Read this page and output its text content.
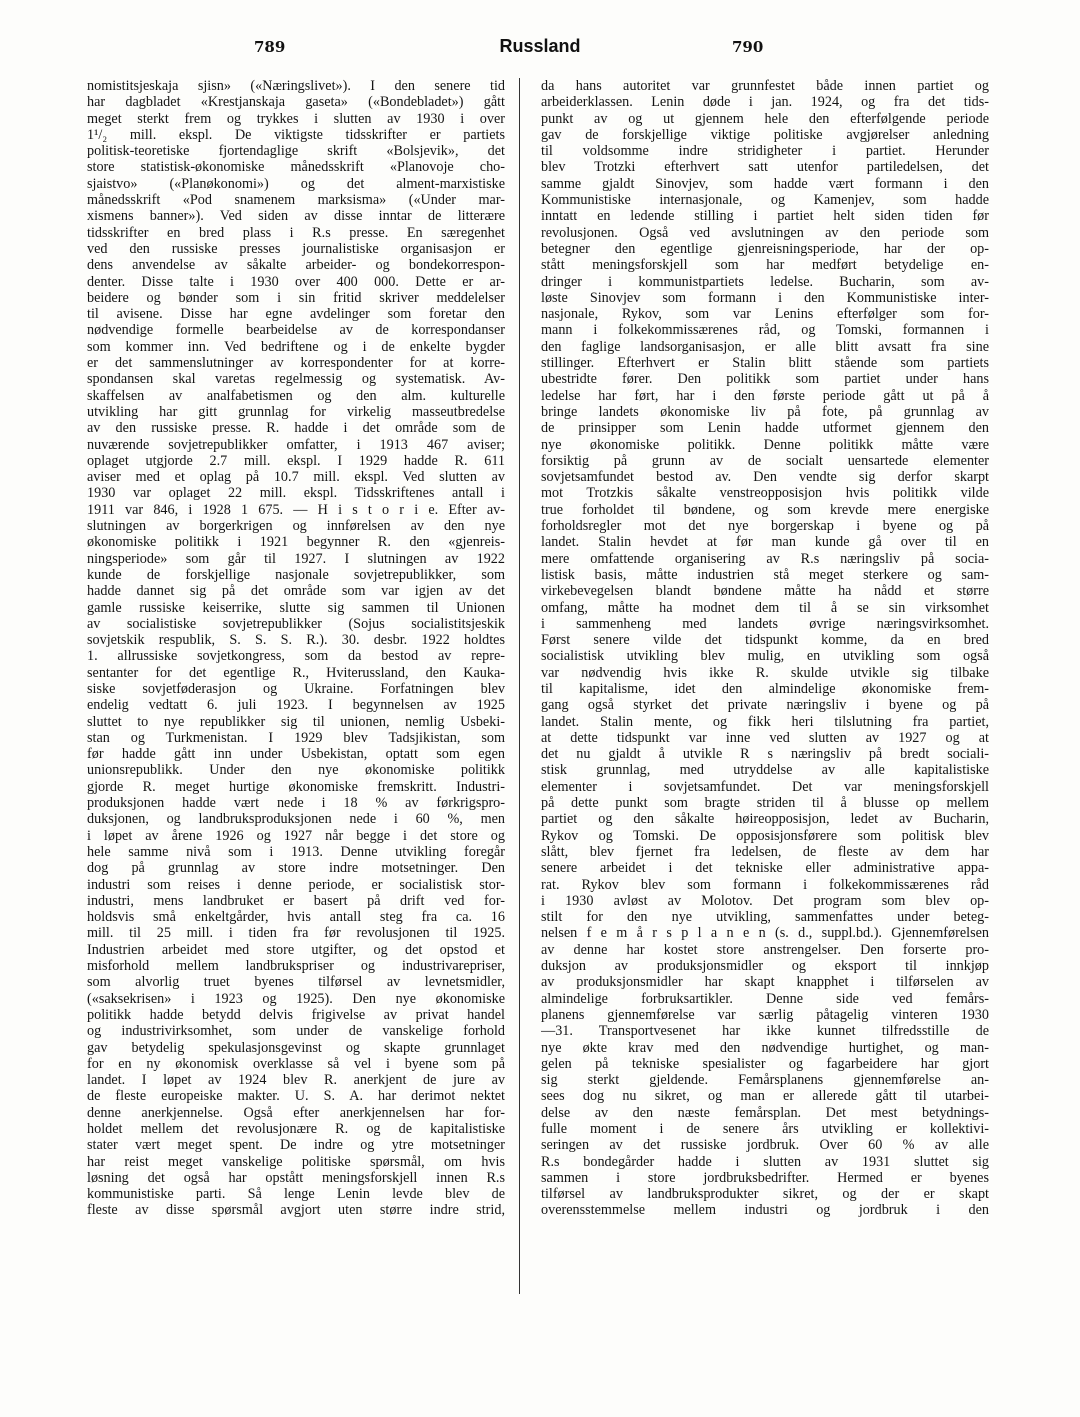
789	Russland	790
nomistitsjeskaja sjisn» («Næringslivet»). I den senere tid
har dagbladet «Krestjanskaja gaseta» («Bondebladet») gått
meget sterkt frem og trykkes i slutten av 1930 i over
1¹/₂ mill. ekspl. De viktigste tidsskrifter er partiets
politisk-teoretiske fjortendaglige skrift «Bolsjevik», det
store statistisk-økonomiske månedsskrift «Planovoje cho-
sjaistvo» («Planøkonomi») og det alment-marxistiske
månedsskrift «Pod snamenem marksisma» («Under mar-
xismens banner»). Ved siden av disse inntar de litterære
tidsskrifter en bred plass i R.s presse. En særegenhet
ved den russiske presses journalistiske organisasjon er
dens anvendelse av såkalte arbeider- og bondekorrespon-
denter. Disse talte i 1930 over 400 000. Dette er ar-
beidere og bønder som i sin fritid skriver meddelelser
til avisene. Disse har egne avdelinger som foretar den
nødvendige formelle bearbeidelse av de korrespondanser
som kommer inn. Ved bedriftene og i de enkelte bygder
er det sammenslutninger av korrespondenter for at korre-
spondansen skal varetas regelmessig og systematisk. Av-
skaffelsen av analfabetismen og den alm. kulturelle
utvikling har gitt grunnlag for virkelig masseutbredelse
av den russiske presse. R. hadde i det område som de
nuværende sovjetrepublikker omfatter, i 1913 467 aviser;
oplaget utgjorde 2.7 mill. ekspl. I 1929 hadde R. 611
aviser med et oplag på 10.7 mill. ekspl. Ved slutten av
1930 var oplaget 22 mill. ekspl. Tidsskriftenes antall i
1911 var 846, i 1928 1 675. — H i s t o r i e. Efter av-
slutningen av borgerkrigen og innførelsen av den nye
økonomiske politikk i 1921 begynner R. den «gjenreis-
ningsperiode» som går til 1927. I slutningen av 1922
kunde de forskjellige nasjonale sovjetrepublikker, som
hadde dannet sig på det område som var igjen av det
gamle russiske keiserrike, slutte sig sammen til Unionen
av socialistiske sovjetrepublikker (Sojus socialistitsjeskik
sovjetskik respublik, S. S. S. R.). 30. desbr. 1922 holdtes
1. allrussiske sovjetkongress, som da bestod av repre-
sentanter for det egentlige R., Hviterussland, den Kauka-
siske sovjetføderasjon og Ukraine. Forfatningen blev
endelig vedtatt 6. juli 1923. I begynnelsen av 1925
sluttet to nye republikker sig til unionen, nemlig Usbeki-
stan og Turkmenistan. I 1929 blev Tadsjikistan, som
før hadde gått inn under Usbekistan, optatt som egen
unionsrepublikk. Under den nye økonomiske politikk
gjorde R. meget hurtige økonomiske fremskritt. Industri-
produksjonen hadde vært nede i 18 % av førkrigspro-
duksjonen, og landbruksproduksjonen nede i 60 %, men
i løpet av årene 1926 og 1927 når begge i det store og
hele samme nivå som i 1913. Denne utvikling foregår
dog på grunnlag av store indre motsetninger. Den
industri som reises i denne periode, er socialistisk stor-
industri, mens landbruket er basert på drift ved for-
holdsvis små enkeltgårder, hvis antall steg fra ca. 16
mill. til 25 mill. i tiden fra før revolusjonen til 1925.
Industrien arbeidet med store utgifter, og det opstod et
misforhold mellem landbrukspriser og industrivarepriser,
som alvorlig truet byenes tilførsel av levnetsmidler,
(«saksekrisen» i 1923 og 1925). Den nye økonomiske
politikk hadde betydd delvis frigivelse av privat handel
og industrivirksomhet, som under de vanskelige forhold
gav betydelig spekulasjonsgevinst og skapte grunnlaget
for en ny økonomisk overklasse så vel i byene som på
landet. I løpet av 1924 blev R. anerkjent de jure av
de fleste europeiske makter. U. S. A. har derimot nektet
denne anerkjennelse. Også efter anerkjennelsen har for-
holdet mellem det revolusjonære R. og de kapitalistiske
stater vært meget spent. De indre og ytre motsetninger
har reist meget vanskelige politiske spørsmål, om hvis
løsning det også har opstått meningsforskjell innen R.s
kommunistiske parti. Så lenge Lenin levde blev de
fleste av disse spørsmål avgjort uten større indre strid,
da hans autoritet var grunnfestet både innen partiet og
arbeiderklassen. Lenin døde i jan. 1924, og fra det tids-
punkt av og ut gjennem hele den efterfølgende periode
gav de forskjellige viktige politiske avgjørelser anledning
til voldsomme indre stridigheter i partiet. Herunder
blev Trotzki efterhvert satt utenfor partiledelsen, det
samme gjaldt Sinovjev, som hadde vært formann i den
Kommunistiske internasjonale, og Kamenjev, som hadde
inntatt en ledende stilling i partiet helt siden tiden før
revolusjonen. Også ved avslutningen av den periode som
betegner den egentlige gjenreisningsperiode, har der op-
stått meningsforskjell som har medført betydelige en-
dringer i kommunistpartiets ledelse. Bucharin, som av-
løste Sinovjev som formann i den Kommunistiske inter-
nasjonale, Rykov, som var Lenins efterfølger som for-
mann i folkekommissærenes råd, og Tomski, formannen i
den faglige landsorganisasjon, er alle blitt avsatt fra sine
stillinger. Efterhvert er Stalin blitt stående som partiets
ubestridte fører. Den politikk som partiet under hans
ledelse har ført, har i den første periode gått ut på å
bringe landets økonomiske liv på fote, på grunnlag av
de prinsipper som Lenin hadde utformet gjennem den
nye økonomiske politikk. Denne politikk måtte være
forsiktig på grunn av de socialt uensartede elementer
sovjetsamfundet bestod av. Den vendte sig derfor skarpt
mot Trotzkis såkalte venstreopposisjon hvis politikk vilde
true forholdet til bøndene, og som krevde mere energiske
forholdsregler mot det nye borgerskap i byene og på
landet. Stalin hevdet at før man kunde gå over til en
mere omfattende organisering av R.s næringsliv på socia-
listisk basis, måtte industrien stå meget sterkere og sam-
virkebevegelsen blandt bøndene måtte ha nådd et større
omfang, måtte ha modnet dem til å se sin virksomhet
i sammenheng med landets øvrige næringsvirksomhet.
Først senere vilde det tidspunkt komme, da en bred
socialistisk utvikling blev mulig, en utvikling som også
var nødvendig hvis ikke R. skulde utvikle sig tilbake
til kapitalisme, idet den almindelige økonomiske frem-
gang også styrket det private næringsliv i byene og på
landet. Stalin mente, og fikk heri tilslutning fra partiet,
at dette tidspunkt var inne ved slutten av 1927 og at
det nu gjaldt å utvikle R s næringsliv på bredt sociali-
stisk grunnlag, med utryddelse av alle kapitalistiske
elementer i sovjetsamfundet. Det var meningsforskjell
på dette punkt som bragte striden til å blusse op mellem
partiet og den såkalte høireopposisjon, ledet av Bucharin,
Rykov og Tomski. De opposisjonsførere som politisk blev
slått, blev fjernet fra ledelsen, de fleste av dem har
senere arbeidet i det tekniske eller administrative appa-
rat. Rykov blev som formann i folkekommissærenes råd
i 1930 avløst av Molotov. Det program som blev op-
stilt for den nye utvikling, sammenfattes under beteg-
nelsen f e m å r s p l a n e n (s. d., suppl.bd.). Gjennemførelsen
av denne har kostet store anstrengelser. Den forserte pro-
duksjon av produksjonsmidler og eksport til innkjøp
av produksjonsmidler har skapt knapphet i tilførselen av
almindelige forbruksartikler. Denne side ved femårs-
planens gjennemførelse var særlig påtagelig vinteren 1930
—31. Transportvesenet har ikke kunnet tilfredsstille de
nye økte krav med den nødvendige hurtighet, og man-
gelen på tekniske spesialister og fagarbeidere har gjort
sig sterkt gjeldende. Femårsplanens gjennemførelse an-
sees dog nu sikret, og man er allerede gått til utarbei-
delse av den næste femårsplan. Det mest betydnings-
fulle moment i de senere års utvikling er kollektivi-
seringen av det russiske jordbruk. Over 60 % av alle
R.s bondegårder hadde i slutten av 1931 sluttet sig
sammen i store jordbruksbedrifter. Hermed er byenes
tilførsel av landbruksprodukter sikret, og der er skapt
overensstemmelse mellem industri og jordbruk i den
